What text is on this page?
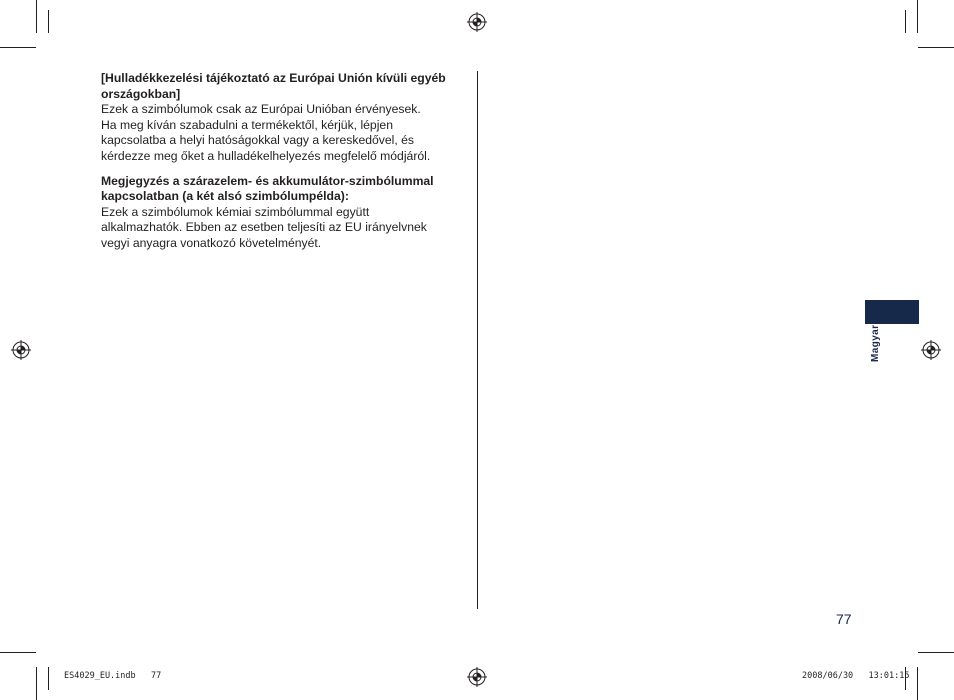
[Hulladékkezelési tájékoztató az Európai Unión kívüli egyéb országokban]

Ezek a szimbólumok csak az Európai Unióban érvényesek.
Ha meg kíván szabadulni a termékektől, kérjük, lépjen
kapcsolatba a helyi hatóságokkal vagy a kereskedővel, és
kérdezze meg őket a hulladékelhelyezés megfelelő módjáról.

Megjegyzés a szárazelem- és akkumulátor-szimbólummal kapcsolatban (a két alsó szimbólumpélda):

Ezek a szimbólumok kémiai szimbólummal együtt
alkalmazhatók. Ebben az esetben teljesíti az EU irányelvnek
vegyi anyagra vonatkozó követelményét.
Magyar
77
ES4029_EU.indb   77	2008/06/30   13:01:15
